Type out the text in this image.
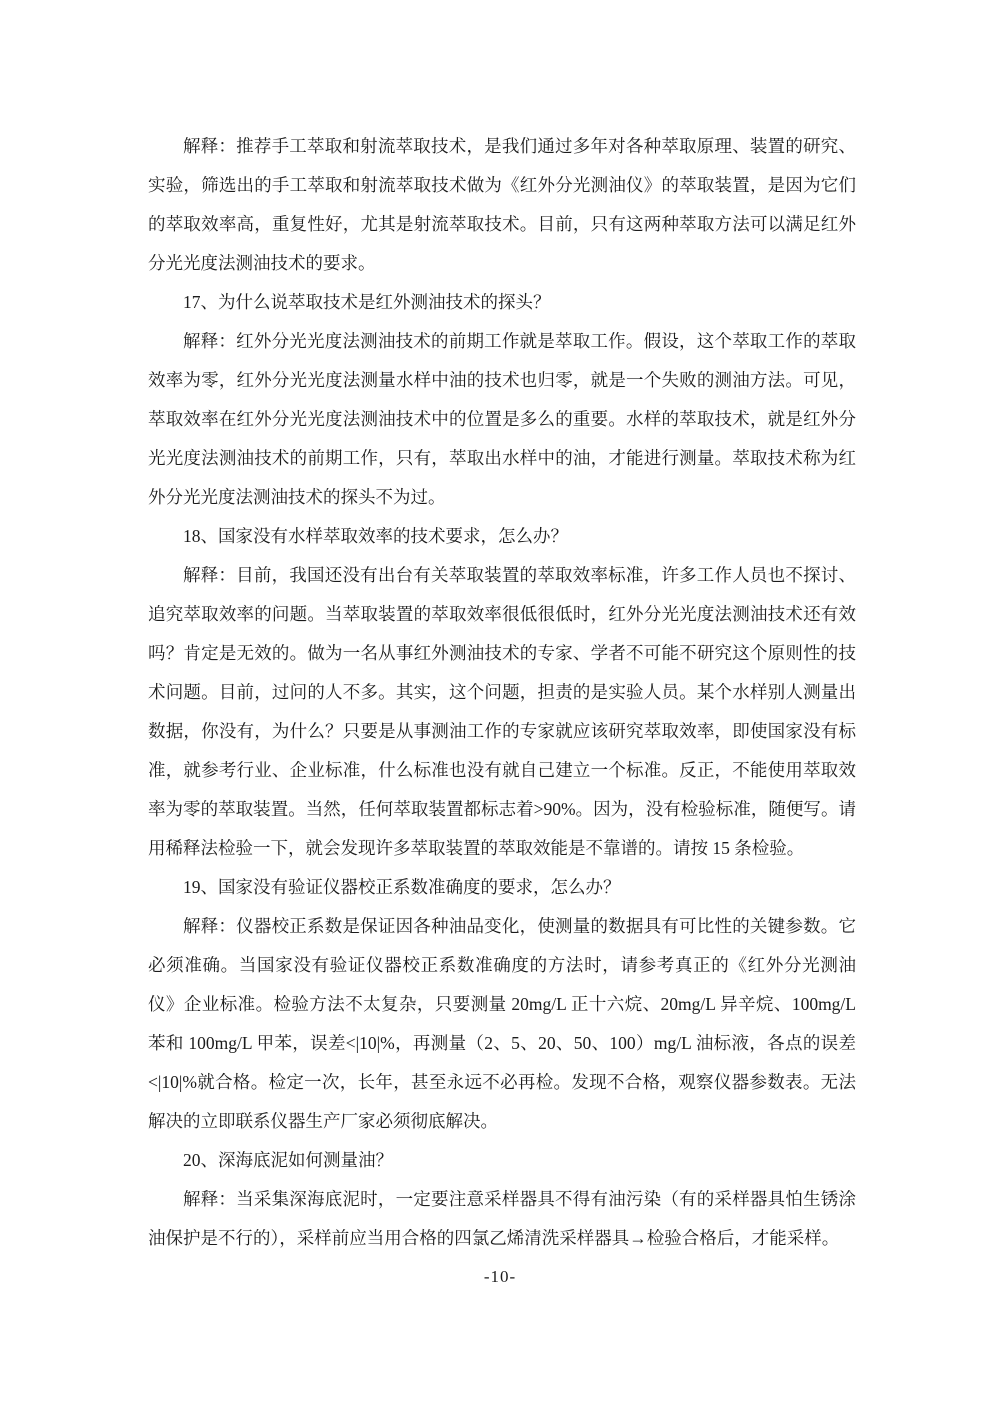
解释：推荐手工萃取和射流萃取技术，是我们通过多年对各种萃取原理、装置的研究、实验，筛选出的手工萃取和射流萃取技术做为《红外分光测油仪》的萃取装置，是因为它们的萃取效率高，重复性好，尤其是射流萃取技术。目前，只有这两种萃取方法可以满足红外分光光度法测油技术的要求。

17、为什么说萃取技术是红外测油技术的探头？

解释：红外分光光度法测油技术的前期工作就是萃取工作。假设，这个萃取工作的萃取效率为零，红外分光光度法测量水样中油的技术也归零，就是一个失败的测油方法。可见，萃取效率在红外分光光度法测油技术中的位置是多么的重要。水样的萃取技术，就是红外分光光度法测油技术的前期工作，只有，萃取出水样中的油，才能进行测量。萃取技术称为红外分光光度法测油技术的探头不为过。

18、国家没有水样萃取效率的技术要求，怎么办？

解释：目前，我国还没有出台有关萃取装置的萃取效率标准，许多工作人员也不探讨、追究萃取效率的问题。当萃取装置的萃取效率很低很低时，红外分光光度法测油技术还有效吗？肯定是无效的。做为一名从事红外测油技术的专家、学者不可能不研究这个原则性的技术问题。目前，过问的人不多。其实，这个问题，担责的是实验人员。某个水样别人测量出数据，你没有，为什么？只要是从事测油工作的专家就应该研究萃取效率，即使国家没有标准，就参考行业、企业标准，什么标准也没有就自己建立一个标准。反正，不能使用萃取效率为零的萃取装置。当然，任何萃取装置都标志着>90%。因为，没有检验标准，随便写。请用稀释法检验一下，就会发现许多萃取装置的萃取效能是不靠谱的。请按 15 条检验。

19、国家没有验证仪器校正系数准确度的要求，怎么办？

解释：仪器校正系数是保证因各种油品变化，使测量的数据具有可比性的关键参数。它必须准确。当国家没有验证仪器校正系数准确度的方法时，请参考真正的《红外分光测油仪》企业标准。检验方法不太复杂，只要测量 20mg/L 正十六烷、20mg/L 异辛烷、100mg/L 苯和 100mg/L 甲苯，误差<|10|%，再测量（2、5、20、50、100）mg/L 油标液，各点的误差<|10|%就合格。检定一次，长年，甚至永远不必再检。发现不合格，观察仪器参数表。无法解决的立即联系仪器生产厂家必须彻底解决。

20、深海底泥如何测量油？

解释：当采集深海底泥时，一定要注意采样器具不得有油污染（有的采样器具怕生锈涂油保护是不行的），采样前应当用合格的四氯乙烯清洗采样器具→检验合格后，才能采样。

-10-
